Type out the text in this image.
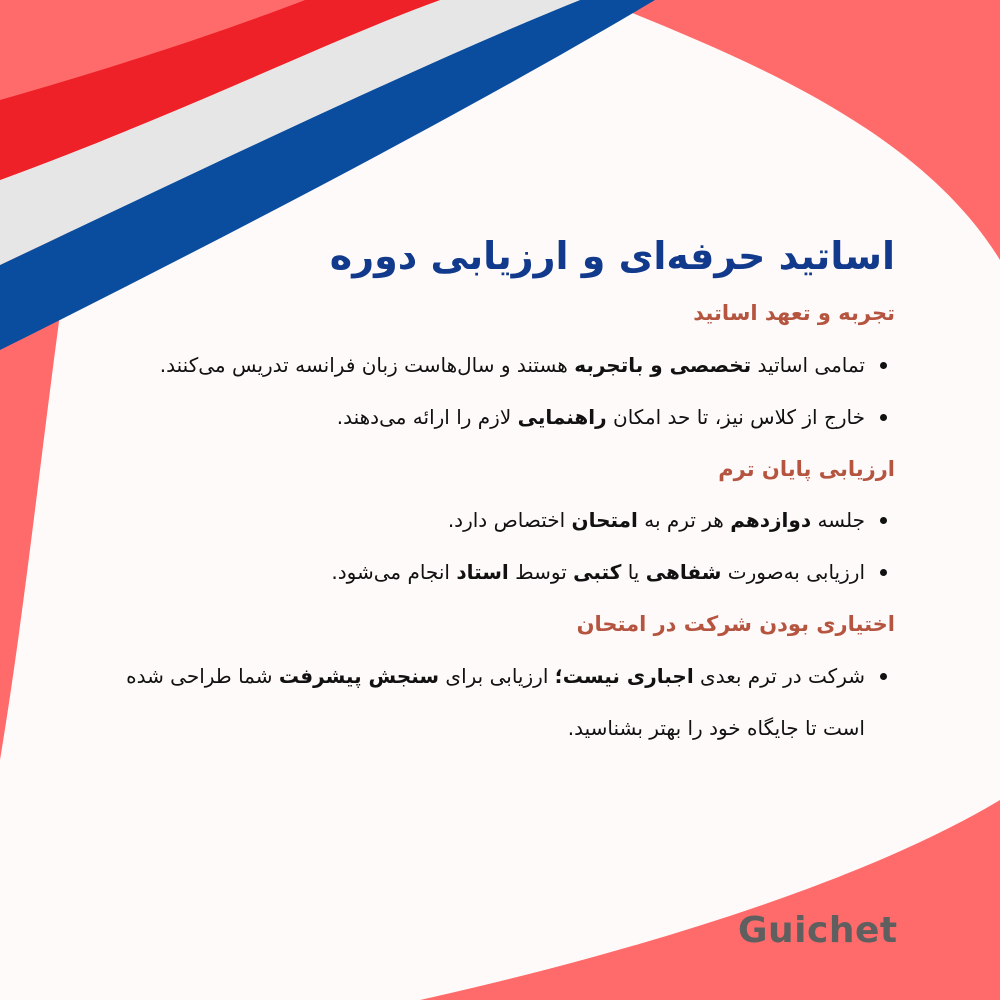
اساتید حرفه‌ای و ارزیابی دوره
تجربه و تعهد اساتید
تمامی اساتید تخصصی و باتجربه هستند و سال‌هاست زبان فرانسه تدریس می‌کنند.
خارج از کلاس نیز، تا حد امکان راهنمایی لازم را ارائه می‌دهند.
ارزیابی پایان ترم
جلسه دوازدهم هر ترم به امتحان اختصاص دارد.
ارزیابی به‌صورت شفاهی یا کتبی توسط استاد انجام می‌شود.
اختیاری بودن شرکت در امتحان
شرکت در ترم بعدی اجباری نیست؛ ارزیابی برای سنجش پیشرفت شما طراحی شده است تا جایگاه خود را بهتر بشناسید.
Guichet
